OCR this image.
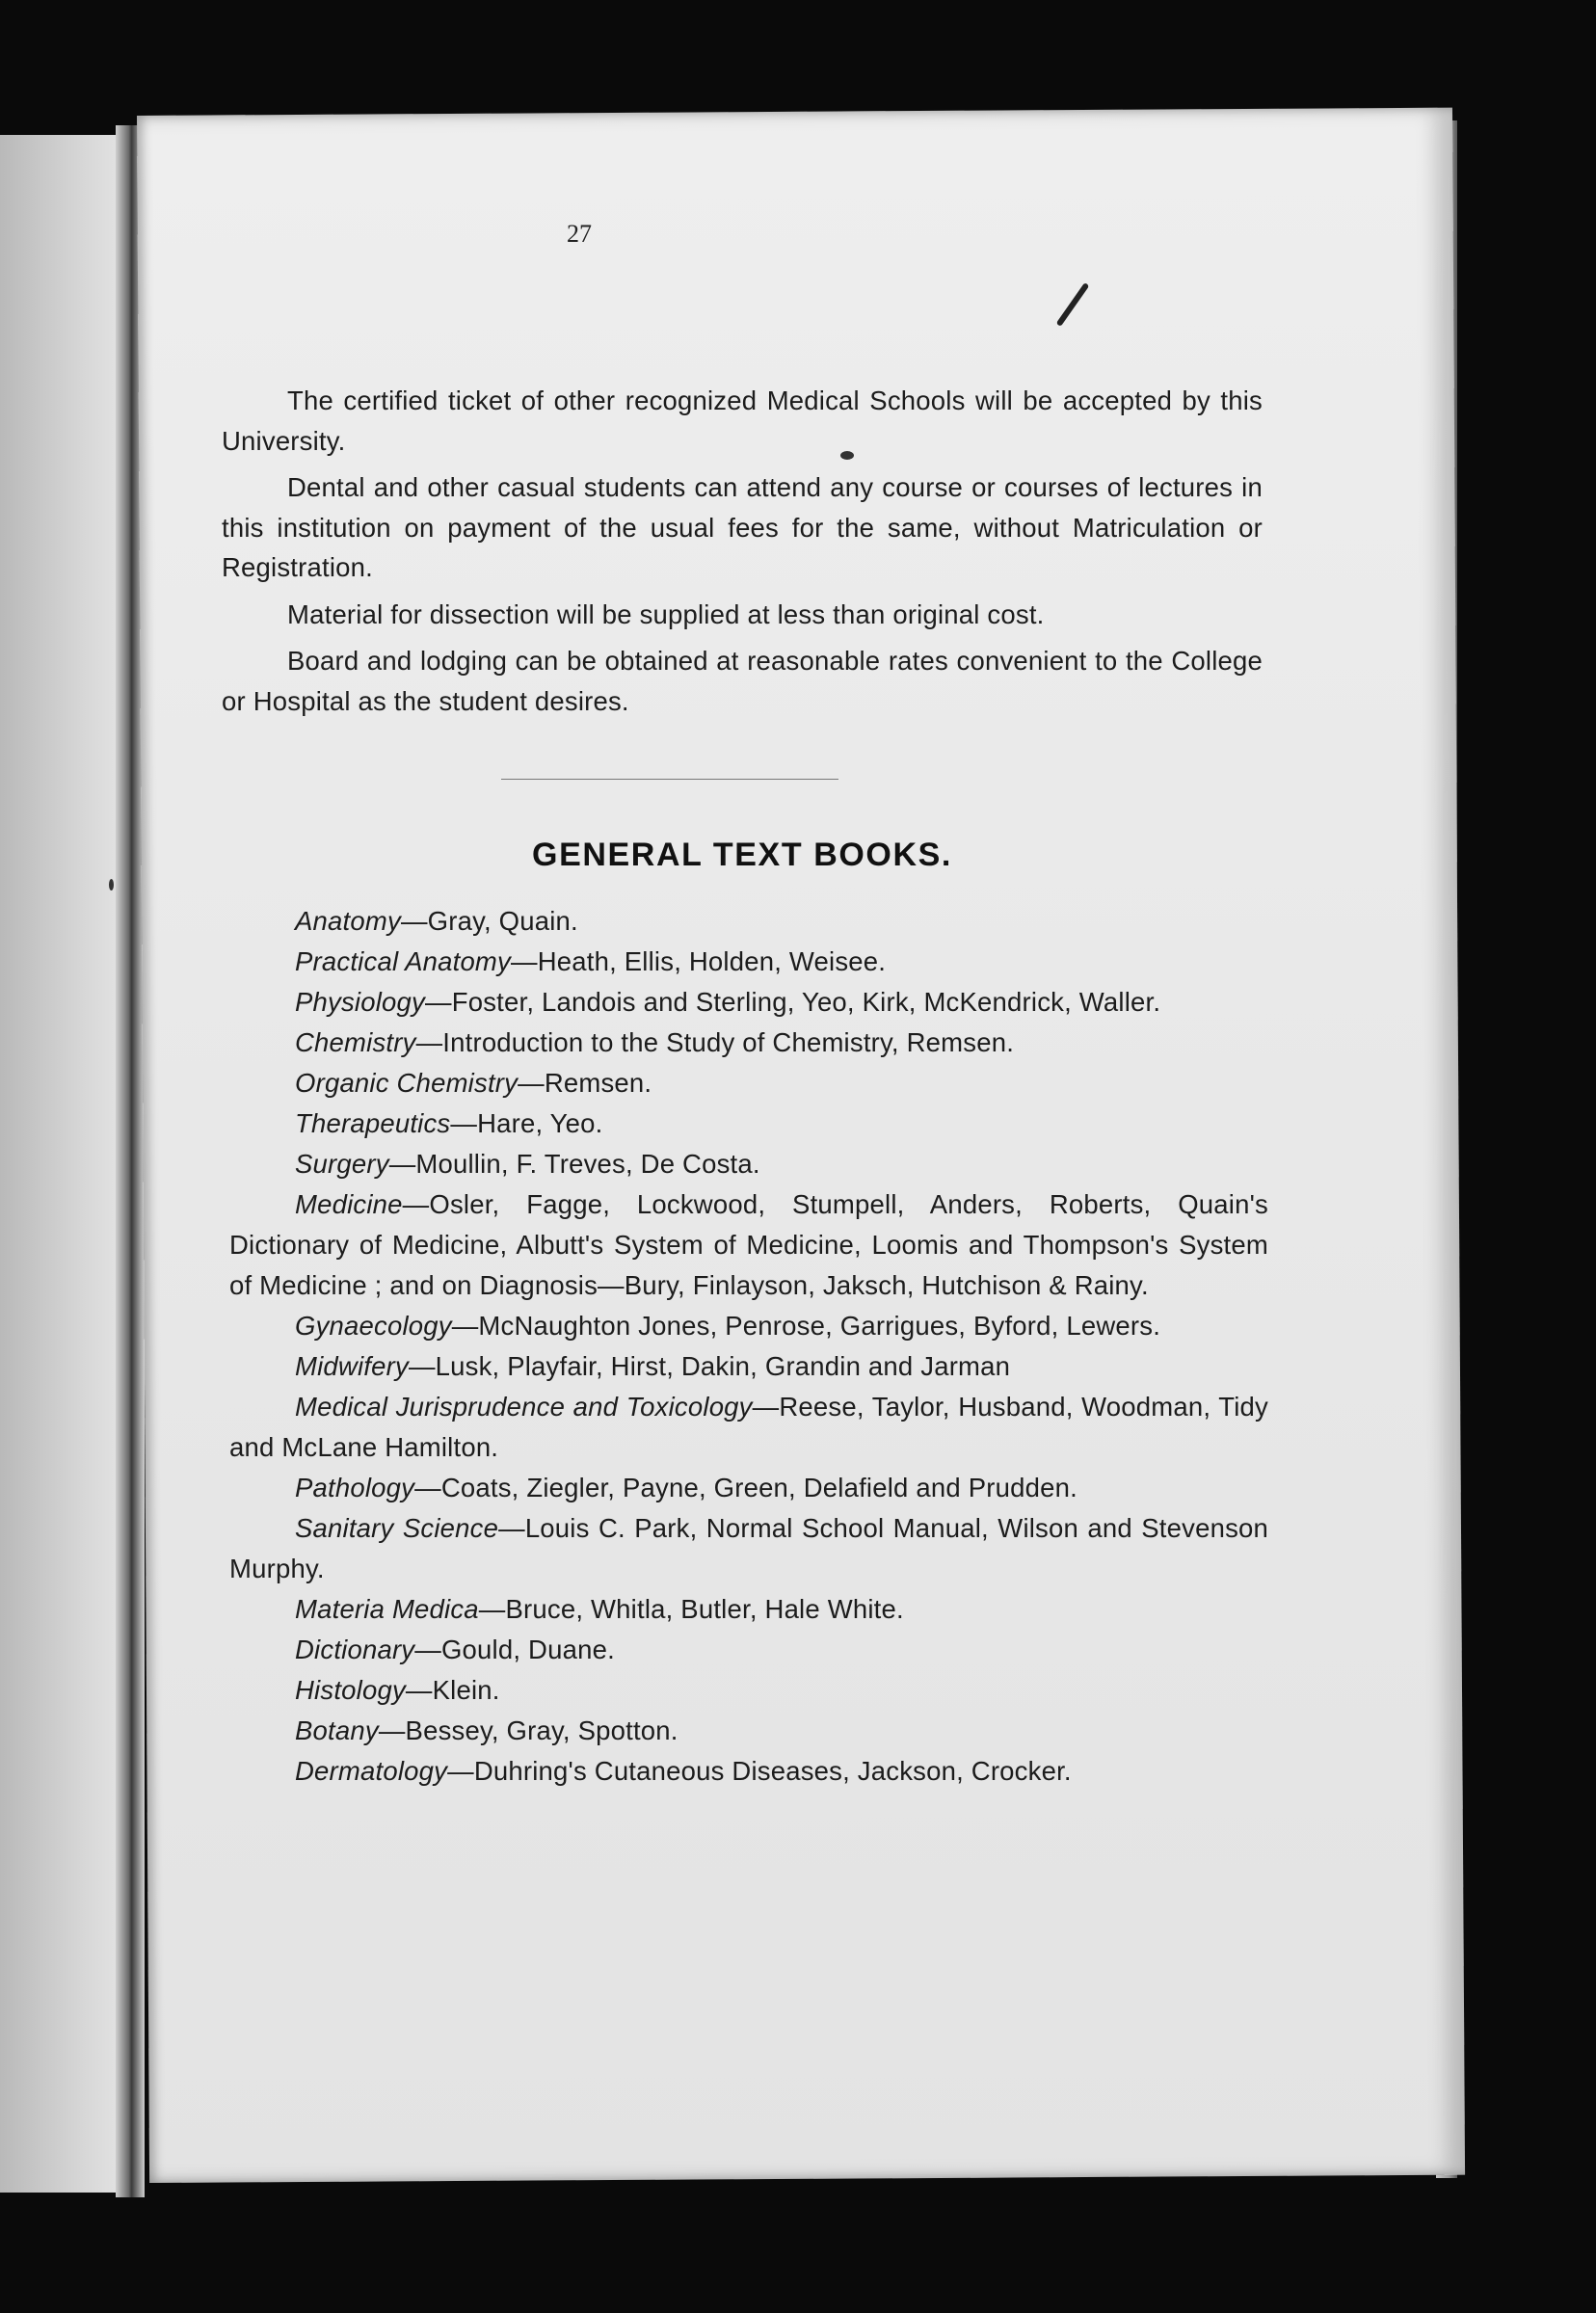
27

The certified ticket of other recognized Medical Schools will be accepted by this University.

Dental and other casual students can attend any course or courses of lectures in this institution on payment of the usual fees for the same, without Matriculation or Registration.

Material for dissection will be supplied at less than original cost.

Board and lodging can be obtained at reasonable rates convenient to the College or Hospital as the student desires.

GENERAL TEXT BOOKS.

Anatomy—Gray, Quain.

Practical Anatomy—Heath, Ellis, Holden, Weisee.

Physiology—Foster, Landois and Sterling, Yeo, Kirk, McKendrick, Waller.

Chemistry—Introduction to the Study of Chemistry, Remsen.

Organic Chemistry—Remsen.

Therapeutics—Hare, Yeo.

Surgery—Moullin, F. Treves, De Costa.

Medicine—Osler, Fagge, Lockwood, Stumpell, Anders, Roberts, Quain's Dictionary of Medicine, Albutt's System of Medicine, Loomis and Thompson's System of Medicine ; and on Diagnosis—Bury, Finlayson, Jaksch, Hutchison & Rainy.

Gynaecology—McNaughton Jones, Penrose, Garrigues, Byford, Lewers.

Midwifery—Lusk, Playfair, Hirst, Dakin, Grandin and Jarman

Medical Jurisprudence and Toxicology—Reese, Taylor, Husband, Woodman, Tidy and McLane Hamilton.

Pathology—Coats, Ziegler, Payne, Green, Delafield and Prudden.

Sanitary Science—Louis C. Park, Normal School Manual, Wilson and Stevenson Murphy.

Materia Medica—Bruce, Whitla, Butler, Hale White.

Dictionary—Gould, Duane.

Histology—Klein.

Botany—Bessey, Gray, Spotton.

Dermatology—Duhring's Cutaneous Diseases, Jackson, Crocker.
